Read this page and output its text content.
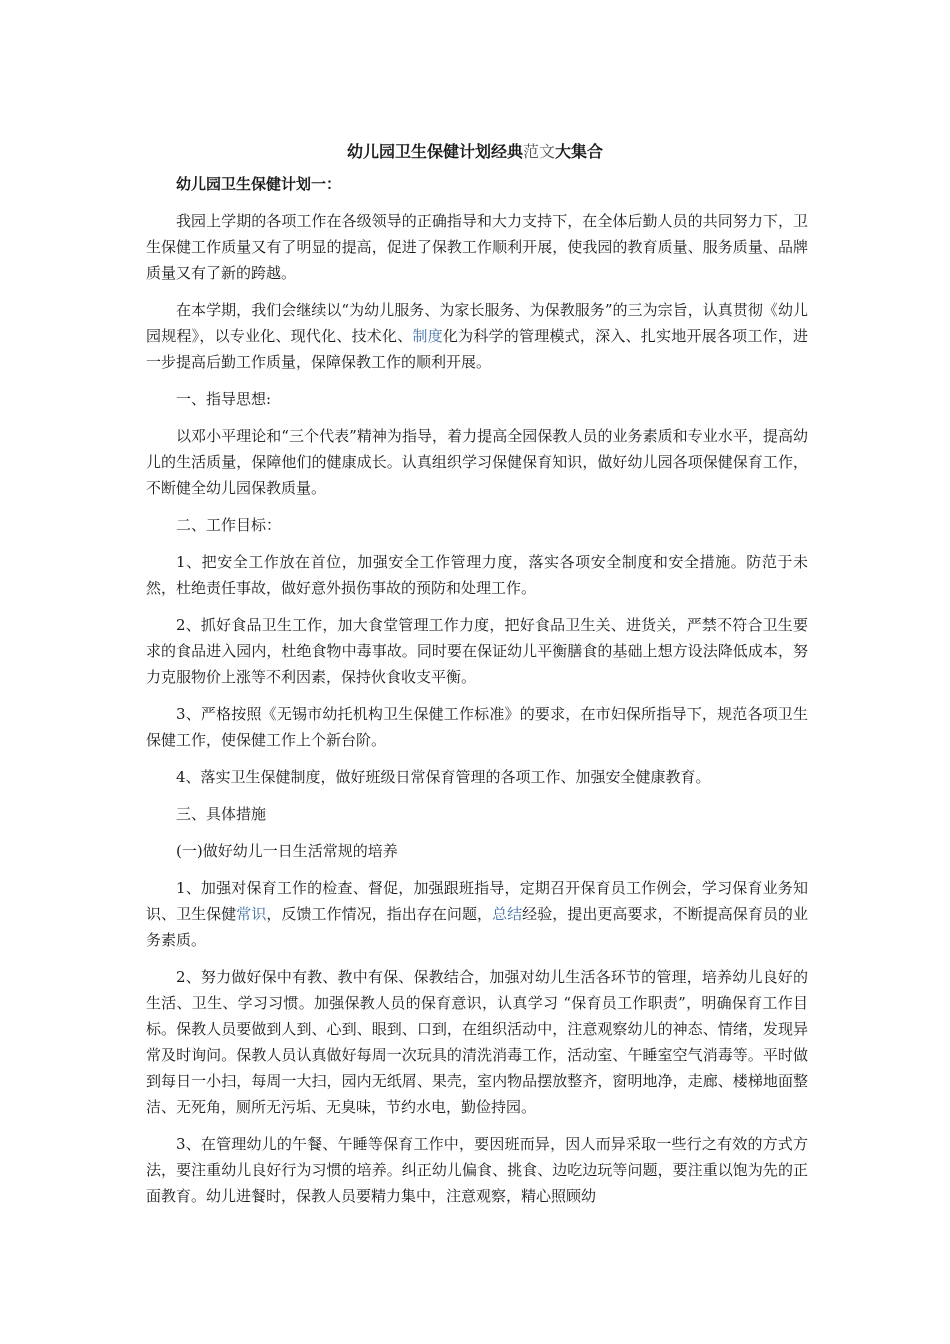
幼儿园卫生保健计划经典范文大集合

幼儿园卫生保健计划一：

我园上学期的各项工作在各级领导的正确指导和大力支持下，在全体后勤人员的共同努力下，卫生保健工作质量又有了明显的提高，促进了保教工作顺利开展，使我园的教育质量、服务质量、品牌质量又有了新的跨越。

在本学期，我们会继续以“为幼儿服务、为家长服务、为保教服务”的三为宗旨，认真贯彻《幼儿园规程》，以专业化、现代化、技术化、制度化为科学的管理模式，深入、扎实地开展各项工作，进一步提高后勤工作质量，保障保教工作的顺利开展。

一、指导思想:

以邓小平理论和“三个代表”精神为指导，着力提高全园保教人员的业务素质和专业水平，提高幼儿的生活质量，保障他们的健康成长。认真组织学习保健保育知识，做好幼儿园各项保健保育工作，不断健全幼儿园保教质量。

二、工作目标：

1、把安全工作放在首位，加强安全工作管理力度，落实各项安全制度和安全措施。防范于未然，杜绝责任事故，做好意外损伤事故的预防和处理工作。

2、抓好食品卫生工作，加大食堂管理工作力度，把好食品卫生关、进货关，严禁不符合卫生要求的食品进入园内，杜绝食物中毒事故。同时要在保证幼儿平衡膳食的基础上想方设法降低成本，努力克服物价上涨等不利因素，保持伙食收支平衡。

3、严格按照《无锡市幼托机构卫生保健工作标准》的要求，在市妇保所指导下，规范各项卫生保健工作，使保健工作上个新台阶。

4、落实卫生保健制度，做好班级日常保育管理的各项工作、加强安全健康教育。

三、具体措施

(一)做好幼儿一日生活常规的培养

1、加强对保育工作的检查、督促，加强跟班指导，定期召开保育员工作例会，学习保育业务知识、卫生保健常识，反馈工作情况，指出存在问题，总结经验，提出更高要求，不断提高保育员的业务素质。

2、努力做好保中有教、教中有保、保教结合，加强对幼儿生活各环节的管理，培养幼儿良好的生活、卫生、学习习惯。加强保教人员的保育意识，认真学习 “保育员工作职责”，明确保育工作目标。保教人员要做到人到、心到、眼到、口到，在组织活动中，注意观察幼儿的神态、情绪，发现异常及时询问。保教人员认真做好每周一次玩具的清洗消毒工作，活动室、午睡室空气消毒等。平时做到每日一小扫，每周一大扫，园内无纸屑、果壳，室内物品摆放整齐，窗明地净，走廊、楼梯地面整洁、无死角，厕所无污垢、无臭味，节约水电，勤俭持园。

3、在管理幼儿的午餐、午睡等保育工作中，要因班而异，因人而异采取一些行之有效的方式方法，要注重幼儿良好行为习惯的培养。纠正幼儿偏食、挑食、边吃边玩等问题，要注重以饱为先的正面教育。幼儿进餐时，保教人员要精力集中，注意观察，精心照顾幼
